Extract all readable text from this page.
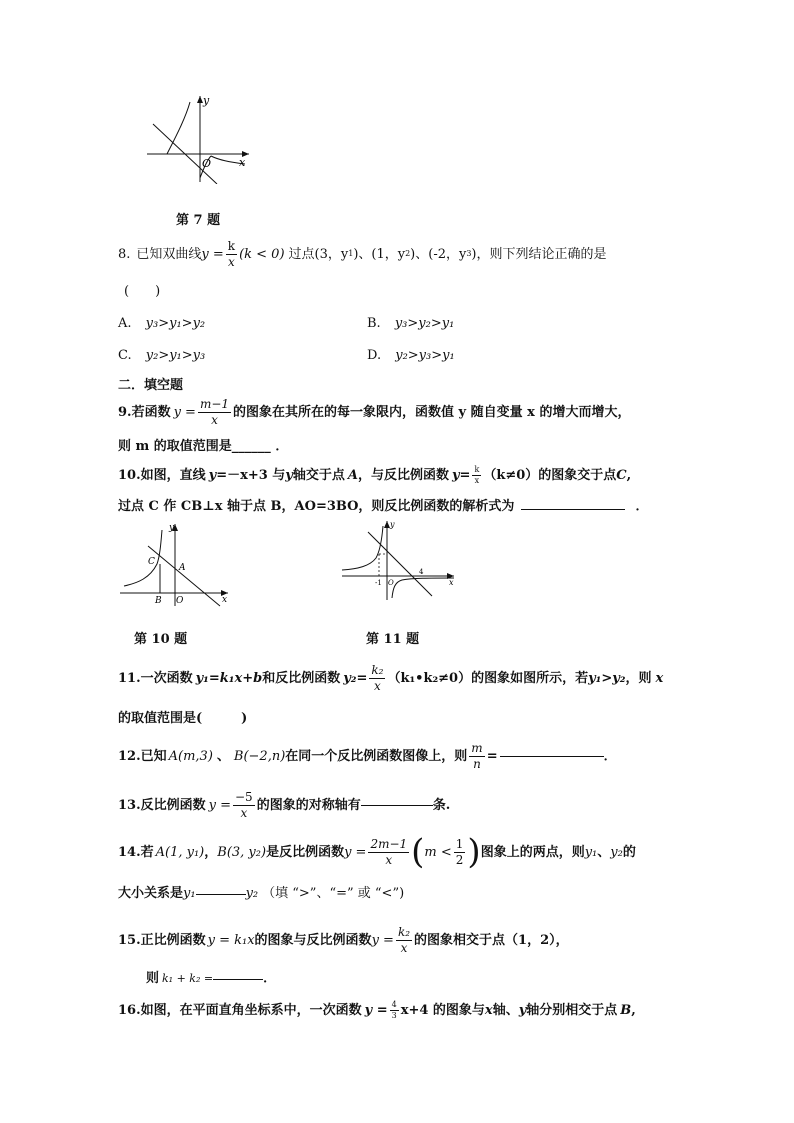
y
x
O
第 7 题
8. 已知双曲线 $y = \frac{k}{x} (k < 0)$ 过点(3，y 1 )、(1，y 2 )、(-2，y 3 )，则下列结论正确的是
(　　)
A. y₃>y₁>y₂	B. y₃>y₂>y₁
C. y₂>y₁>y₃	D. y₂>y₃>y₁
二．填空题
9.若函数 $y = \frac{m-1}{x}$ 的图象在其所在的每一象限内，函数值 y 随自变量 x 的增大而增大，
则 m 的取值范围是______ ．
10.如图，直线 y =－x+3 与 y 轴交于点 A ，与反比例函数 $y = \frac{k}{x} (k\ne 0)$的图象交于点 C ,
过点 C 作 CB⊥x 轴于点 B，AO=3BO，则反比例函数的解析式为	．
y
x
C
A
B O
第 10 题
y
x
-1 O
4
第 11 题
11.一次函数 y₁=k₁x+b 和反比例函数 $y_2= \frac{\text{k₂}}{x}$ （k₁•k₂≠0）的图象如图所示，若 y₁>y₂ ，则 x
的取值范围是(　　　)
12.已知 A(m,3) 、 B(−2,n) 在同一个反比例函数图像上，则 $\frac{m}{n}$ =	．
13.反比例函数 $y = \frac{-5}{x}$ 的图象的对称轴有	条.
14.若 A(1, y₁) ， B(3, y₂) 是反比例函数 $y = \frac{2m-1}{x}$ ( $m < \frac{1}{2}$ ) 图象上的两点，则 y₁ 、 y₂ 的
大小关系是 y₁	y₂ （填 “>”、“=” 或 “<”)
15.正比例函数 y = k₁x 的图象与反比例函数 $y = \frac{\text{k₂}}{x}$ 的图象相交于点（1，2），
则 k₁ + k₂ =	．
16.如图，在平面直角坐标系中，一次函数 $y = \frac{4}{3} x+4$ 的图象与 x 轴、 y 轴分别相交于点 B ,
